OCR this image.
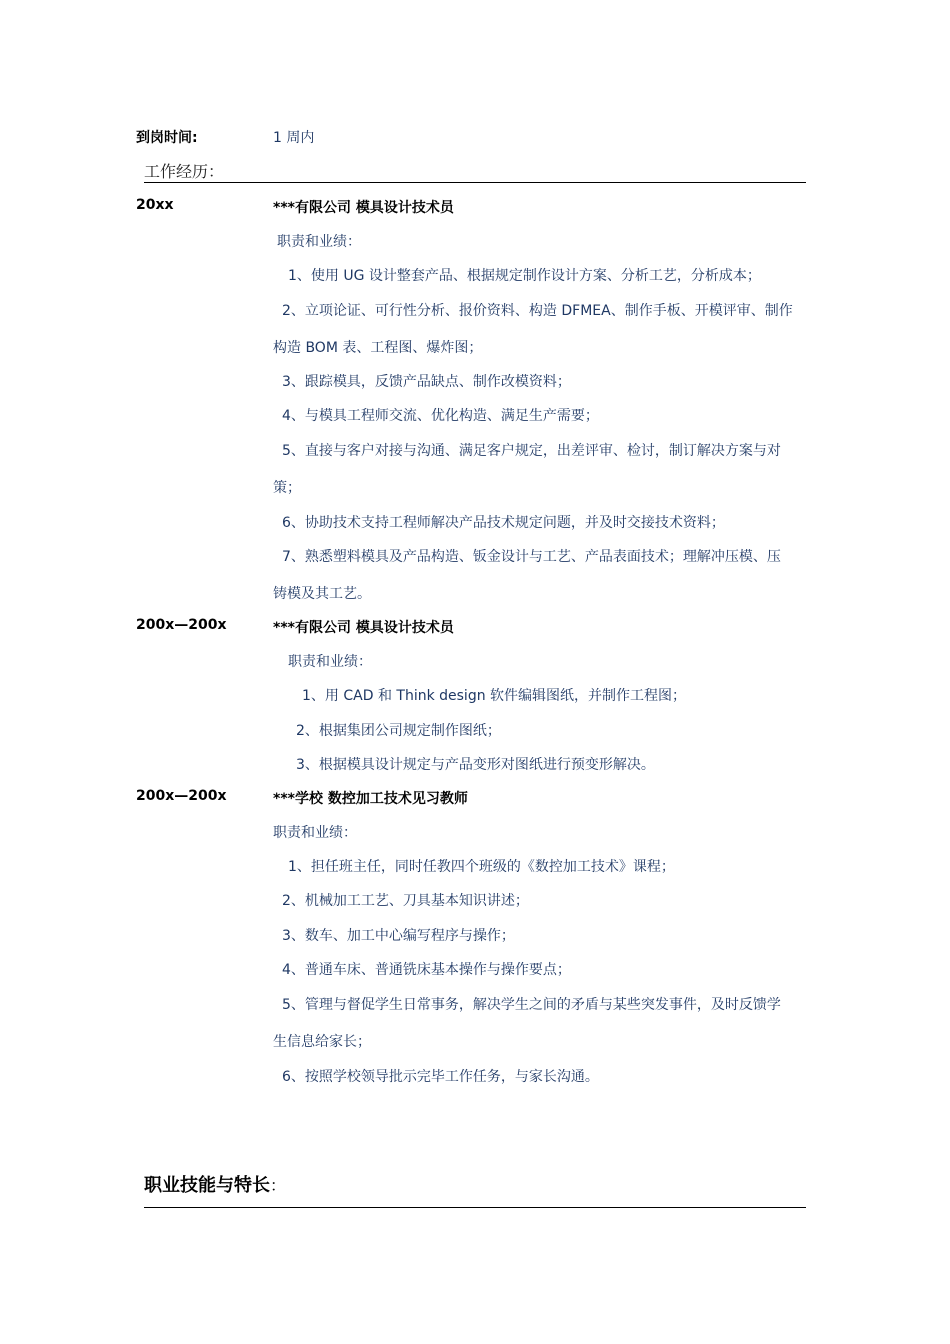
到岗时间:	1 周内
工作经历：
20xx	***有限公司 模具设计技术员
职责和业绩：
1、使用 UG 设计整套产品、根据规定制作设计方案、分析工艺，分析成本；
2、立项论证、可行性分析、报价资料、构造 DFMEA、制作手板、开模评审、制作
构造 BOM 表、工程图、爆炸图；
3、跟踪模具，反馈产品缺点、制作改模资料；
4、与模具工程师交流、优化构造、满足生产需要；
5、直接与客户对接与沟通、满足客户规定，出差评审、检讨，制订解决方案与对
策；
6、协助技术支持工程师解决产品技术规定问题，并及时交接技术资料；
7、熟悉塑料模具及产品构造、钣金设计与工艺、产品表面技术；理解冲压模、压
铸模及其工艺。
200x—200x	***有限公司 模具设计技术员
职责和业绩：
1、用 CAD 和 Think design 软件编辑图纸，并制作工程图；
2、根据集团公司规定制作图纸；
3、根据模具设计规定与产品变形对图纸进行预变形解决。
200x—200x	***学校 数控加工技术见习教师
职责和业绩：
1、担任班主任，同时任教四个班级的《数控加工技术》课程；
2、机械加工工艺、刀具基本知识讲述；
3、数车、加工中心编写程序与操作；
4、普通车床、普通铣床基本操作与操作要点；
5、管理与督促学生日常事务，解决学生之间的矛盾与某些突发事件，及时反馈学
生信息给家长；
6、按照学校领导批示完毕工作任务，与家长沟通。
职业技能与特长：
